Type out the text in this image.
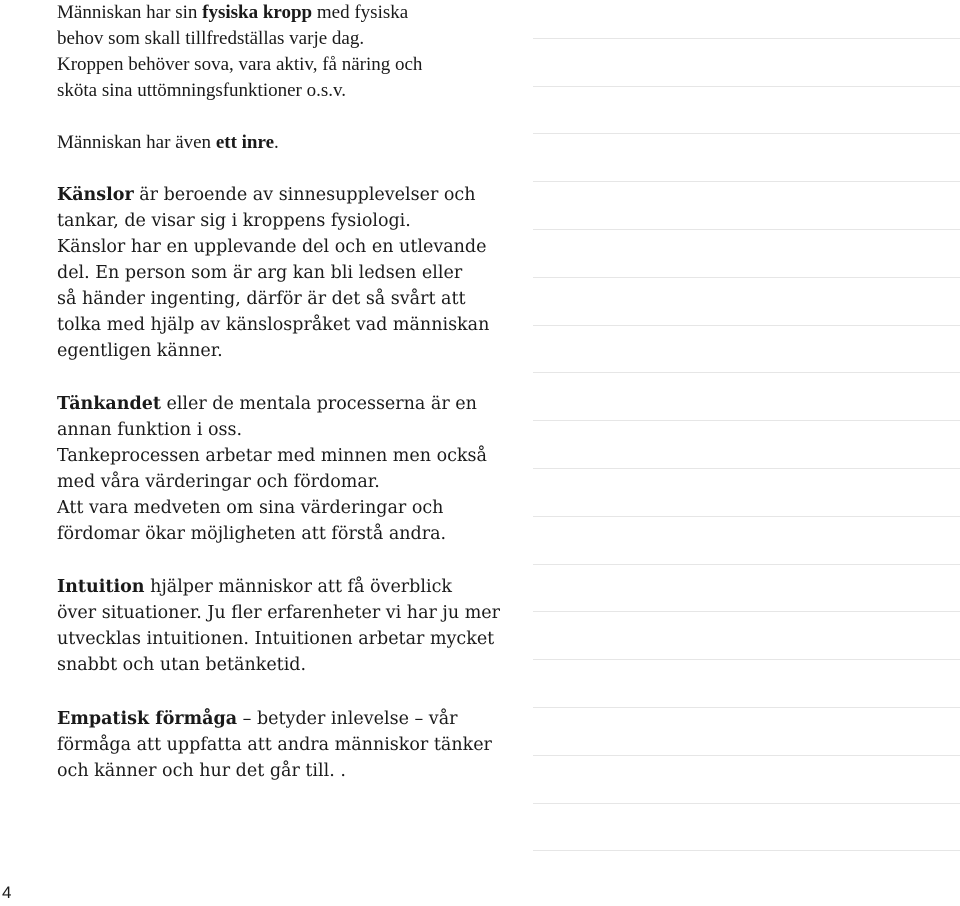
Människan har sin fysiska kropp med fysiska
behov som skall tillfredställas varje dag.
Kroppen behöver sova, vara aktiv, få näring och
sköta sina uttömningsfunktioner o.s.v.

Människan har även ett inre.

Känslor är beroende av sinnesupplevelser och
tankar, de visar sig i kroppens fysiologi.
Känslor har en upplevande del och en utlevande
del. En person som är arg kan bli ledsen eller
så händer ingenting, därför är det så svårt att
tolka med hjälp av känslospråket vad människan
egentligen känner.

Tänkandet eller de mentala processerna är en
annan funktion i oss.
Tankeprocessen arbetar med minnen men också
med våra värderingar och fördomar.
Att vara medveten om sina värderingar och
fördomar ökar möjligheten att förstå andra.

Intuition hjälper människor att få överblick
över situationer. Ju fler erfarenheter vi har ju mer
utvecklas intuitionen. Intuitionen arbetar mycket
snabbt och utan betänketid.

Empatisk förmåga – betyder inlevelse – vår
förmåga att uppfatta att andra människor tänker
och känner och hur det går till. .

4
